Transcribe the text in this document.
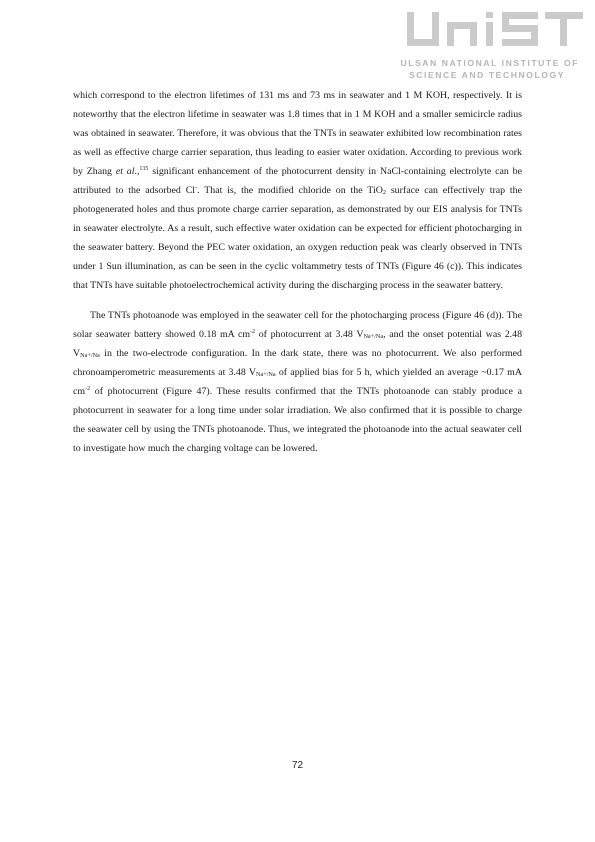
ULSAN NATIONAL INSTITUTE OF
SCIENCE AND TECHNOLOGY

which correspond to the electron lifetimes of 131 ms and 73 ms in seawater and 1 M KOH, respectively. It is noteworthy that the electron lifetime in seawater was 1.8 times that in 1 M KOH and a smaller semicircle radius was obtained in seawater. Therefore, it was obvious that the TNTs in seawater exhibited low recombination rates as well as effective charge carrier separation, thus leading to easier water oxidation. According to previous work by Zhang et al.,$^{135}$ significant enhancement of the photocurrent density in NaCl-containing electrolyte can be attributed to the adsorbed Cl-. That is, the modified chloride on the TiO$_2$ surface can effectively trap the photogenerated holes and thus promote charge carrier separation, as demonstrated by our EIS analysis for TNTs in seawater electrolyte. As a result, such effective water oxidation can be expected for efficient photocharging in the seawater battery. Beyond the PEC water oxidation, an oxygen reduction peak was clearly observed in TNTs under 1 Sun illumination, as can be seen in the cyclic voltammetry tests of TNTs (Figure 46 (c)). This indicates that TNTs have suitable photoelectrochemical activity during the discharging process in the seawater battery.

The TNTs photoanode was employed in the seawater cell for the photocharging process (Figure 46 (d)). The solar seawater battery showed 0.18 mA $cm^{-2}$ of photocurrent at 3.48 $V_{Na+/Na}$, and the onset potential was 2.48 $V_{Na+/Na}$ in the two-electrode configuration. In the dark state, there was no photocurrent. We also performed chronoamperometric measurements at 3.48 $V_{Na+/Na}$ of applied bias for 5 h, which yielded an average ~0.17 mA $cm^{-2}$ of photocurrent (Figure 47). These results confirmed that the TNTs photoanode can stably produce a photocurrent in seawater for a long time under solar irradiation. We also confirmed that it is possible to charge the seawater cell by using the TNTs photoanode. Thus, we integrated the photoanode into the actual seawater cell to investigate how much the charging voltage can be lowered.

72
